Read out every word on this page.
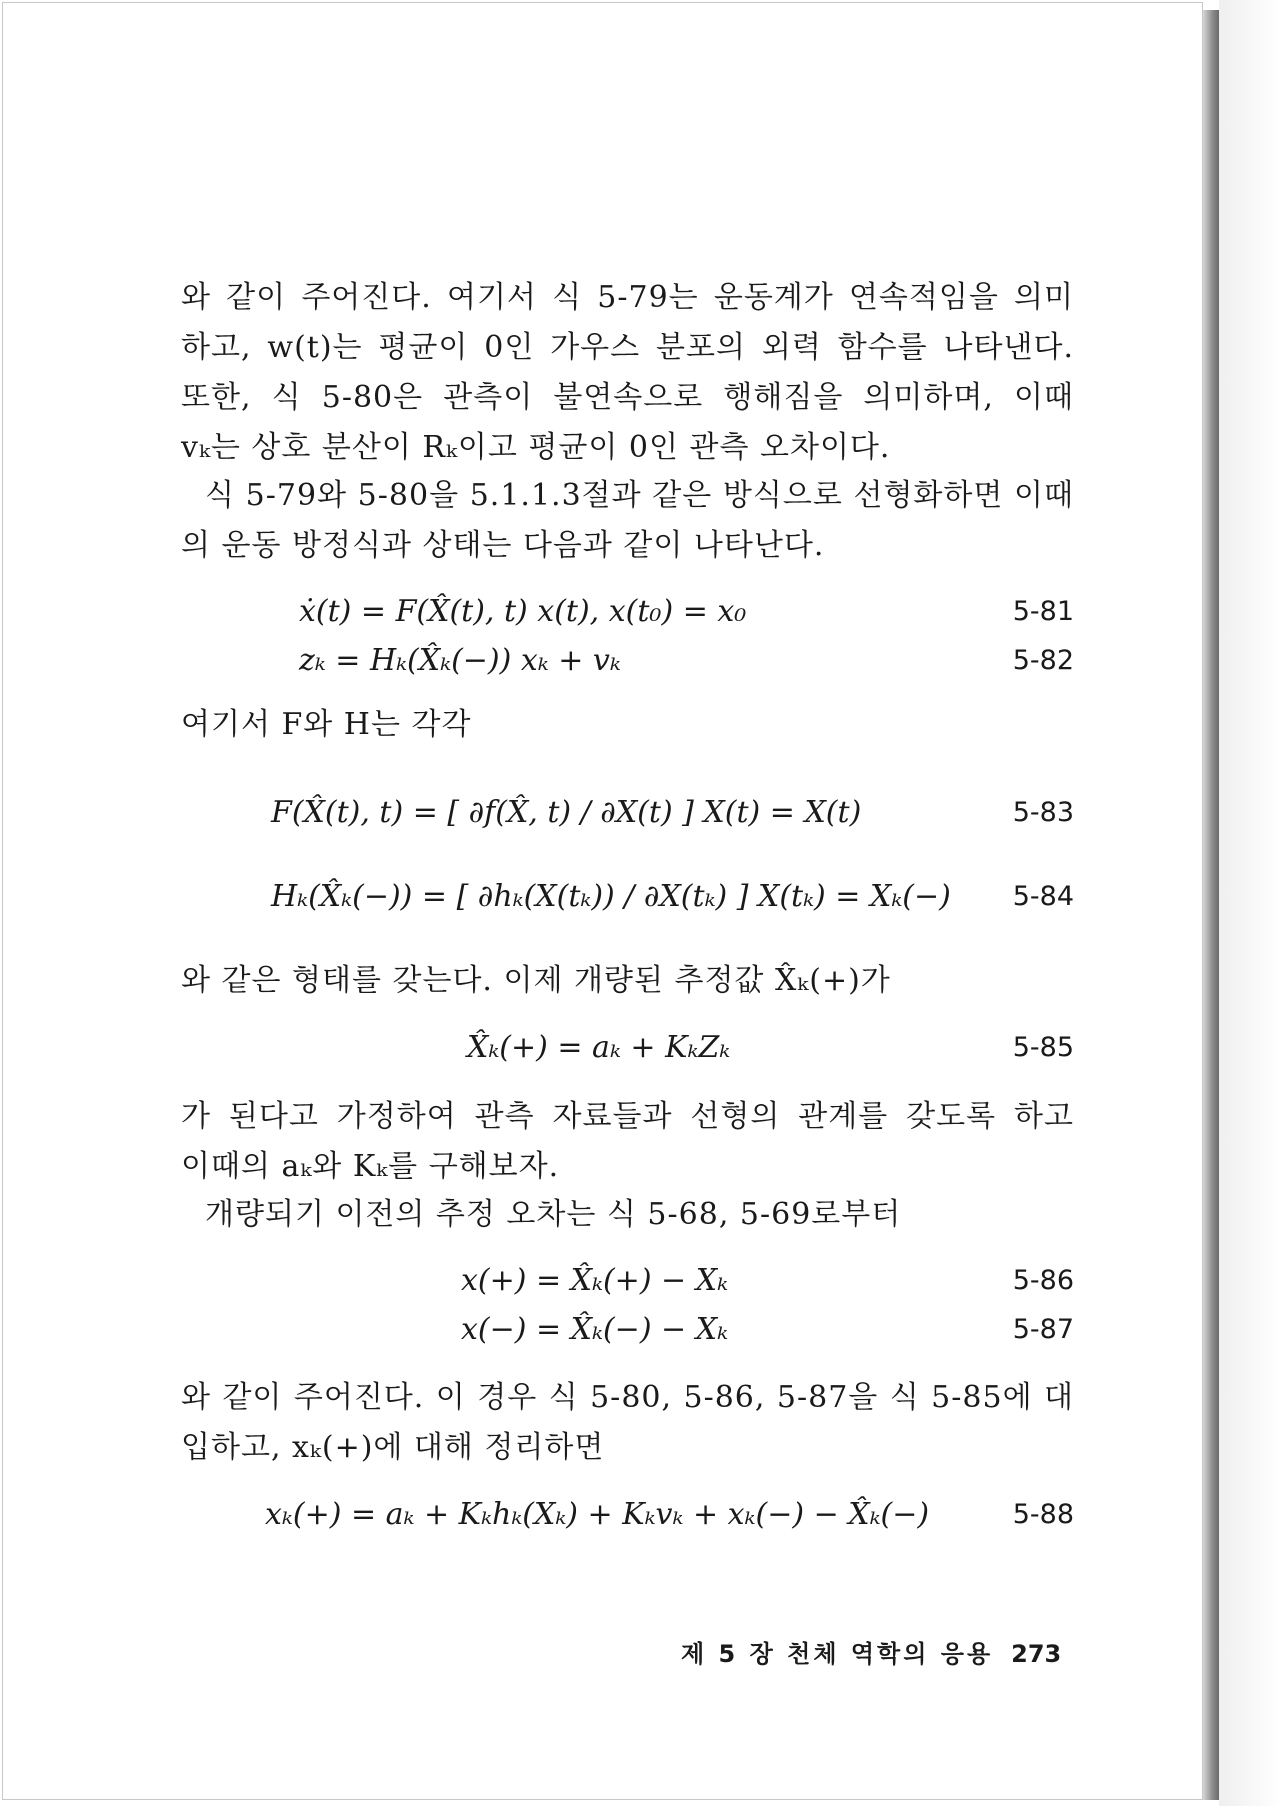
와 같이 주어진다. 여기서 식 5-79는 운동계가 연속적임을 의미
하고, w(t)는 평균이 0인 가우스 분포의 외력 함수를 나타낸다.
또한, 식 5-80은 관측이 불연속으로 행해짐을 의미하며, 이때
vₖ는 상호 분산이 Rₖ이고 평균이 0인 관측 오차이다.
식 5-79와 5-80을 5.1.1.3절과 같은 방식으로 선형화하면 이때
의 운동 방정식과 상태는 다음과 같이 나타난다.
ẋ(t) = F(X̂(t), t) x(t), x(t₀) = x₀	5-81
zₖ = Hₖ(X̂ₖ(−)) xₖ + vₖ	5-82
여기서 F와 H는 각각
F(X̂(t), t) = [ ∂f(X̂, t) / ∂X(t) ] X(t) = X(t)	5-83
Hₖ(X̂ₖ(−)) = [ ∂hₖ(X(tₖ)) / ∂X(tₖ) ] X(tₖ) = Xₖ(−) 5-84
와 같은 형태를 갖는다. 이제 개량된 추정값 X̂ₖ(+)가
X̂ₖ(+) = aₖ + KₖZₖ	5-85
가 된다고 가정하여 관측 자료들과 선형의 관계를 갖도록 하고
이때의 aₖ와 Kₖ를 구해보자.
개량되기 이전의 추정 오차는 식 5-68, 5-69로부터
x(+) = X̂ₖ(+) − Xₖ	5-86
x(−) = X̂ₖ(−) − Xₖ	5-87
와 같이 주어진다. 이 경우 식 5-80, 5-86, 5-87을 식 5-85에 대
입하고, xₖ(+)에 대해 정리하면
xₖ(+) = aₖ + Kₖhₖ(Xₖ) + Kₖvₖ + xₖ(−) − X̂ₖ(−)	5-88
제 5 장 천체 역학의 응용 273
